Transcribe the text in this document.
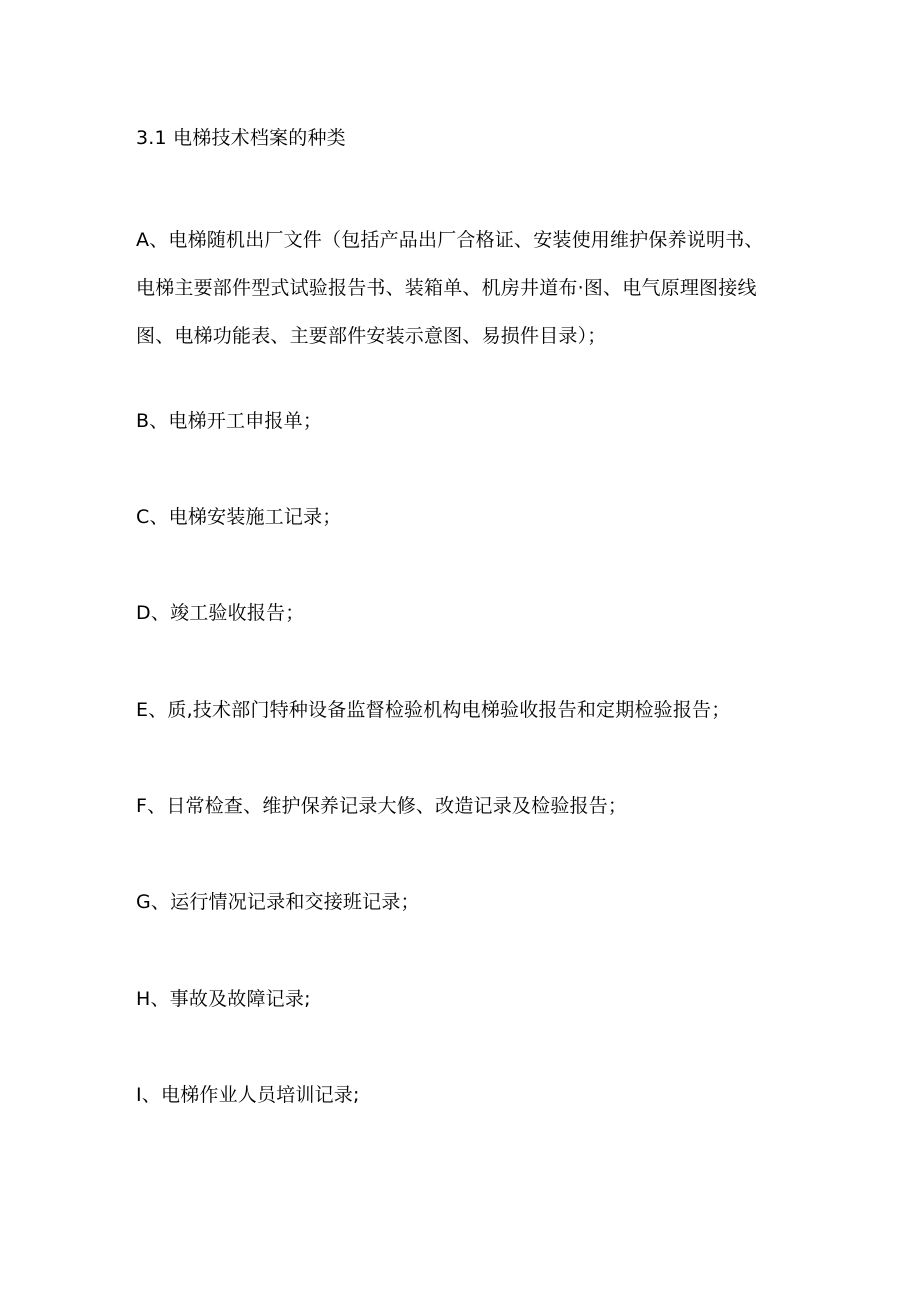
3.1 电梯技术档案的种类
A、电梯随机出厂文件（包括产品出厂合格证、安装使用维护保养说明书、电梯主要部件型式试验报告书、装箱单、机房井道布·图、电气原理图接线图、电梯功能表、主要部件安装示意图、易损件目录）；
B、电梯开工申报单；
C、电梯安装施工记录；
D、竣工验收报告；
E、质,技术部门特种设备监督检验机构电梯验收报告和定期检验报告；
F、日常检查、维护保养记录大修、改造记录及检验报告；
G、运行情况记录和交接班记录；
H、事故及故障记录;
I、电梯作业人员培训记录;
